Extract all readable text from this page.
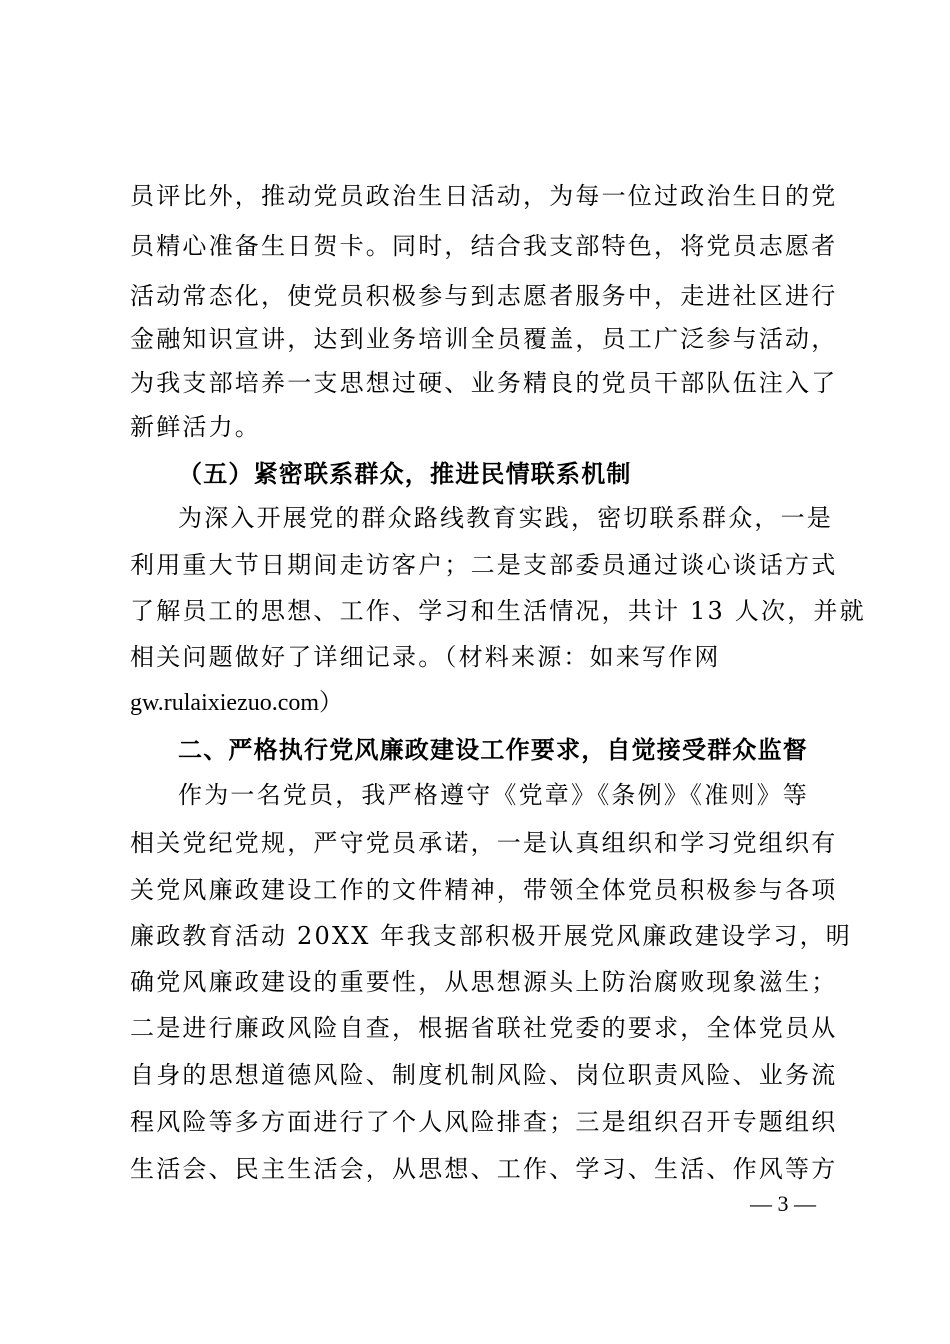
员评比外，推动党员政治生日活动，为每一位过政治生日的党
员精心准备生日贺卡。同时，结合我支部特色，将党员志愿者
活动常态化，使党员积极参与到志愿者服务中，走进社区进行
金融知识宣讲，达到业务培训全员覆盖，员工广泛参与活动，
为我支部培养一支思想过硬、业务精良的党员干部队伍注入了
新鲜活力。
（五）紧密联系群众，推进民情联系机制
为深入开展党的群众路线教育实践，密切联系群众，一是
利用重大节日期间走访客户；二是支部委员通过谈心谈话方式
了解员工的思想、工作、学习和生活情况，共计 13 人次，并就
相关问题做好了详细记录。（材料来源：如来写作网
gw.rulaixiezuo.com）
二、严格执行党风廉政建设工作要求，自觉接受群众监督
作为一名党员，我严格遵守《党章》《条例》《准则》等
相关党纪党规，严守党员承诺，一是认真组织和学习党组织有
关党风廉政建设工作的文件精神，带领全体党员积极参与各项
廉政教育活动 20XX 年我支部积极开展党风廉政建设学习，明
确党风廉政建设的重要性，从思想源头上防治腐败现象滋生；
二是进行廉政风险自查，根据省联社党委的要求，全体党员从
自身的思想道德风险、制度机制风险、岗位职责风险、业务流
程风险等多方面进行了个人风险排查；三是组织召开专题组织
生活会、民主生活会，从思想、工作、学习、生活、作风等方
— 3 —
